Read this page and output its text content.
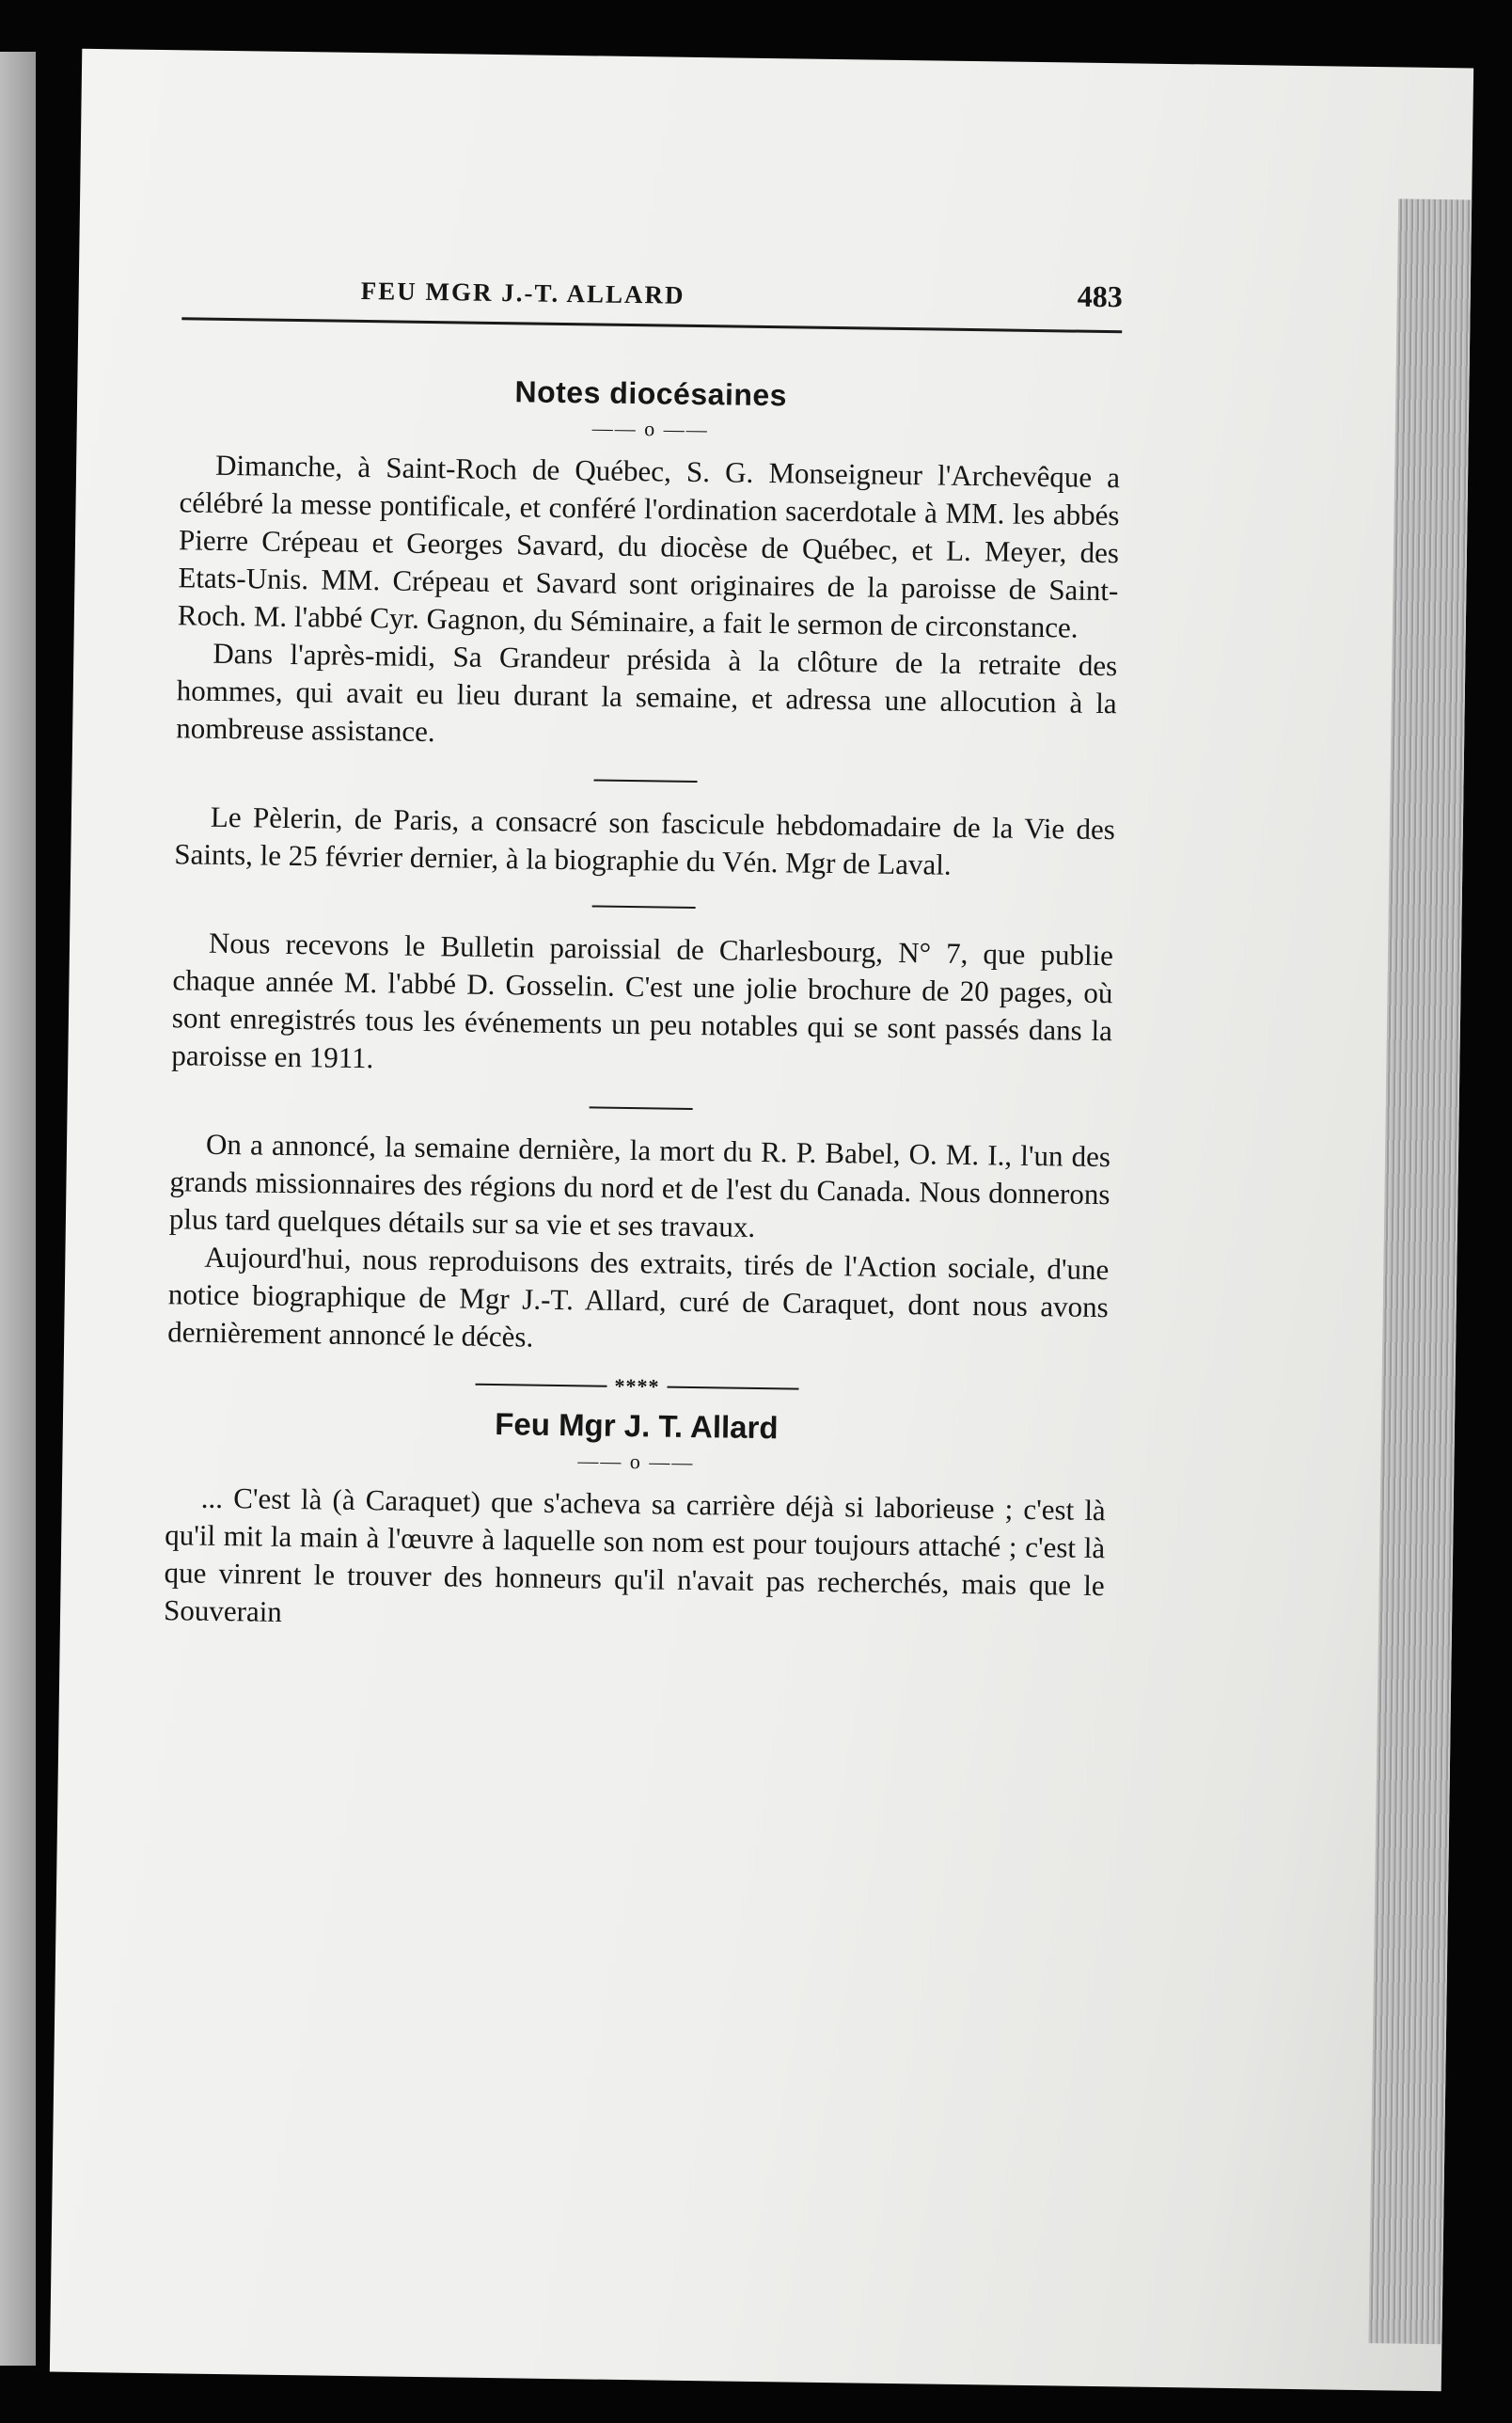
FEU MGR J.-T. ALLARD	483
Notes diocésaines
—— o ——

Dimanche, à Saint-Roch de Québec, S. G. Monseigneur l'Archevêque a célébré la messe pontificale, et conféré l'ordination sacerdotale à MM. les abbés Pierre Crépeau et Georges Savard, du diocèse de Québec, et L. Meyer, des Etats-Unis. MM. Crépeau et Savard sont originaires de la paroisse de Saint-Roch. M. l'abbé Cyr. Gagnon, du Séminaire, a fait le sermon de circonstance.

Dans l'après-midi, Sa Grandeur présida à la clôture de la retraite des hommes, qui avait eu lieu durant la semaine, et adressa une allocution à la nombreuse assistance.

Le Pèlerin, de Paris, a consacré son fascicule hebdomadaire de la Vie des Saints, le 25 février dernier, à la biographie du Vén. Mgr de Laval.

Nous recevons le Bulletin paroissial de Charlesbourg, N° 7, que publie chaque année M. l'abbé D. Gosselin. C'est une jolie brochure de 20 pages, où sont enregistrés tous les événements un peu notables qui se sont passés dans la paroisse en 1911.

On a annoncé, la semaine dernière, la mort du R. P. Babel, O. M. I., l'un des grands missionnaires des régions du nord et de l'est du Canada. Nous donnerons plus tard quelques détails sur sa vie et ses travaux.

Aujourd'hui, nous reproduisons des extraits, tirés de l'Action sociale, d'une notice biographique de Mgr J.-T. Allard, curé de Caraquet, dont nous avons dernièrement annoncé le décès.

****
Feu Mgr J. T. Allard
—— o ——

... C'est là (à Caraquet) que s'acheva sa carrière déjà si laborieuse ; c'est là qu'il mit la main à l'œuvre à laquelle son nom est pour toujours attaché ; c'est là que vinrent le trouver des honneurs qu'il n'avait pas recherchés, mais que le Souverain
